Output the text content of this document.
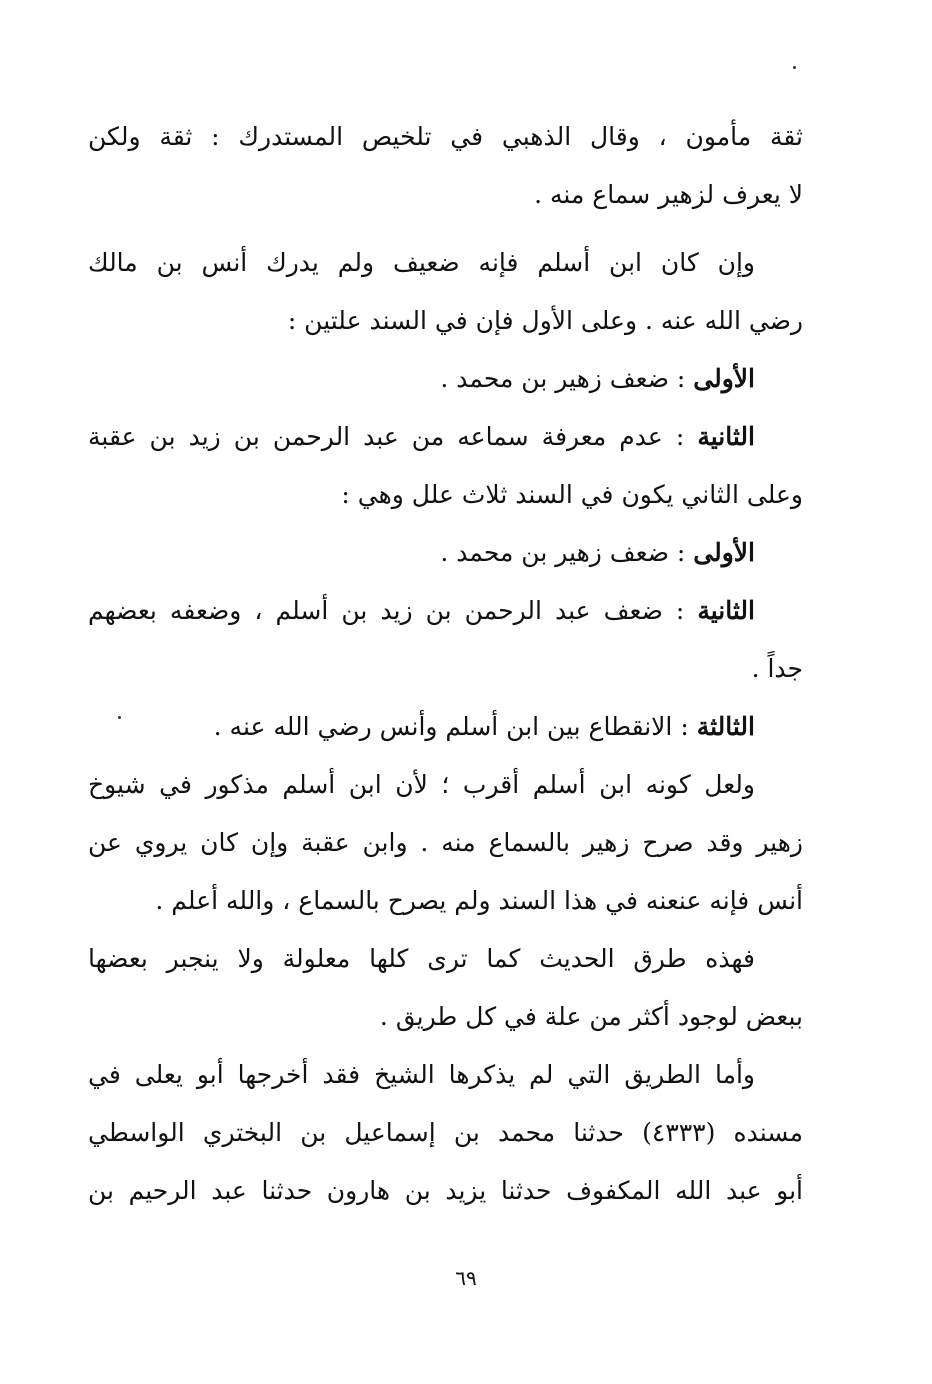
ثقة مأمون ، وقال الذهبي في تلخيص المستدرك : ثقة ولكن
لا يعرف لزهير سماع منه .
وإن كان ابن أسلم فإنه ضعيف ولم يدرك أنس بن مالك
رضي الله عنه . وعلى الأول فإن في السند علتين :
الأولى : ضعف زهير بن محمد .
الثانية : عدم معرفة سماعه من عبد الرحمن بن زيد بن عقبة
وعلى الثاني يكون في السند ثلاث علل وهي :
الأولى : ضعف زهير بن محمد .
الثانية : ضعف عبد الرحمن بن زيد بن أسلم ، وضعفه بعضهم
جداً .
الثالثة : الانقطاع بين ابن أسلم وأنس رضي الله عنه .
ولعل كونه ابن أسلم أقرب ؛ لأن ابن أسلم مذكور في شيوخ
زهير وقد صرح زهير بالسماع منه . وابن عقبة وإن كان يروي عن
أنس فإنه عنعنه في هذا السند ولم يصرح بالسماع ، والله أعلم .
فهذه طرق الحديث كما ترى كلها معلولة ولا ينجبر بعضها
ببعض لوجود أكثر من علة في كل طريق .
وأما الطريق التي لم يذكرها الشيخ فقد أخرجها أبو يعلى في
مسنده (٤٣٣٣) حدثنا محمد بن إسماعيل بن البختري الواسطي
أبو عبد الله المكفوف حدثنا يزيد بن هارون حدثنا عبد الرحيم بن
٦٩
